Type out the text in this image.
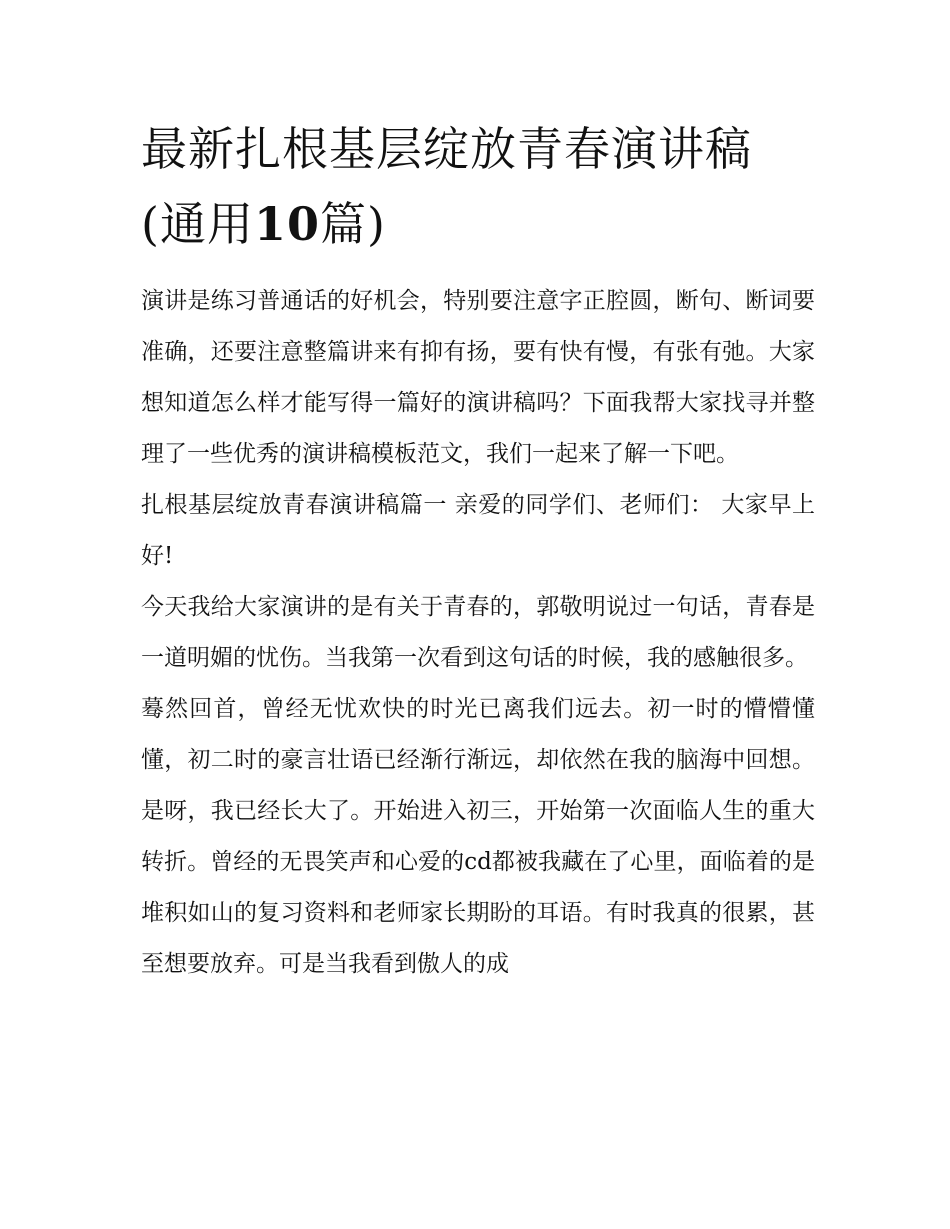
最新扎根基层绽放青春演讲稿
(通用10篇)

演讲是练习普通话的好机会，特别要注意字正腔圆，断句、断词要准确，还要注意整篇讲来有抑有扬，要有快有慢，有张有弛。大家想知道怎么样才能写得一篇好的演讲稿吗？下面我帮大家找寻并整理了一些优秀的演讲稿模板范文，我们一起来了解一下吧。

扎根基层绽放青春演讲稿篇一 亲爱的同学们、老师们： 大家早上好!

今天我给大家演讲的是有关于青春的，郭敬明说过一句话，青春是一道明媚的忧伤。当我第一次看到这句话的时候，我的感触很多。

蓦然回首，曾经无忧欢快的时光已离我们远去。初一时的懵懵懂懂，初二时的豪言壮语已经渐行渐远，却依然在我的脑海中回想。是呀，我已经长大了。开始进入初三，开始第一次面临人生的重大转折。曾经的无畏笑声和心爱的cd都被我藏在了心里，面临着的是堆积如山的复习资料和老师家长期盼的耳语。有时我真的很累，甚至想要放弃。可是当我看到傲人的成
